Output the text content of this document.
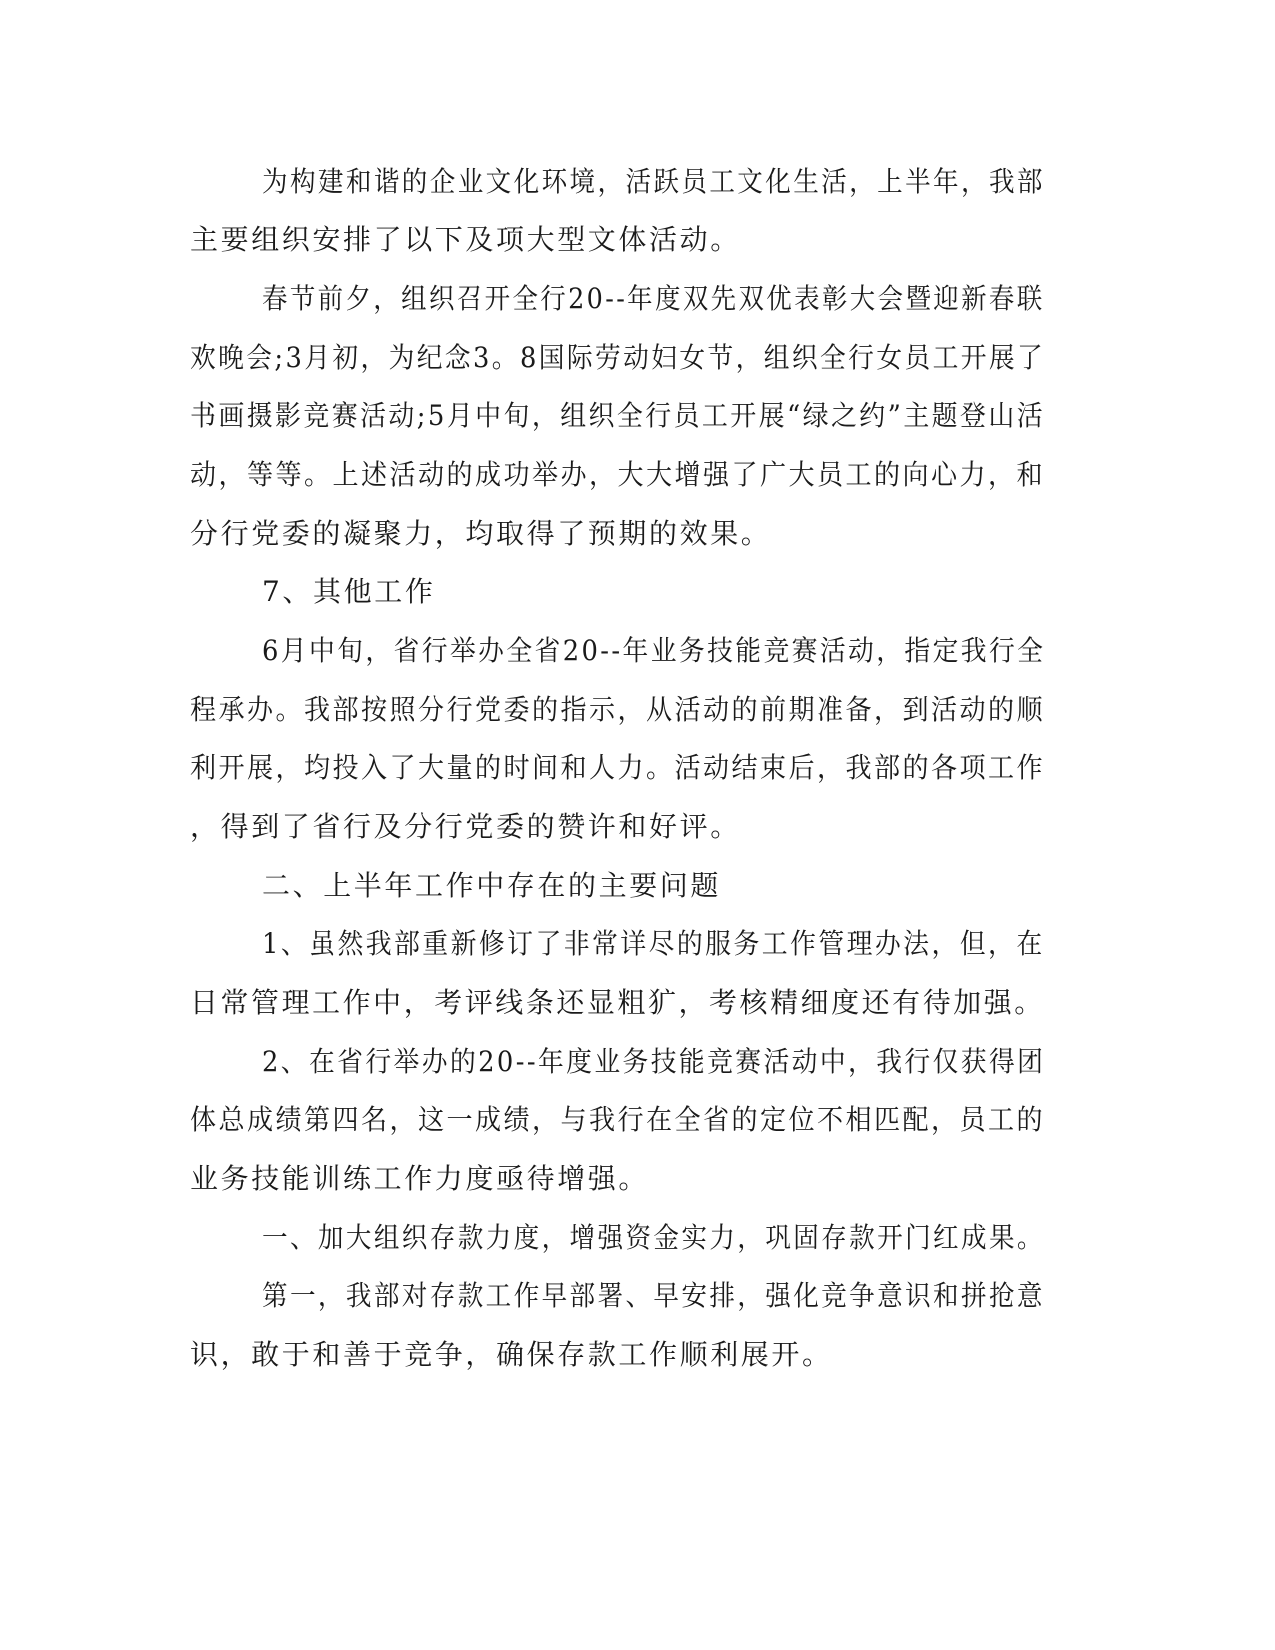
为构建和谐的企业文化环境，活跃员工文化生活，上半年，我部
主要组织安排了以下及项大型文体活动。
春节前夕，组织召开全行20--年度双先双优表彰大会暨迎新春联
欢晚会;3月初，为纪念3。8国际劳动妇女节，组织全行女员工开展了
书画摄影竞赛活动;5月中旬，组织全行员工开展“绿之约”主题登山活
动，等等。上述活动的成功举办，大大增强了广大员工的向心力，和
分行党委的凝聚力，均取得了预期的效果。
7、其他工作
6月中旬，省行举办全省20--年业务技能竞赛活动，指定我行全
程承办。我部按照分行党委的指示，从活动的前期准备，到活动的顺
利开展，均投入了大量的时间和人力。活动结束后，我部的各项工作
，得到了省行及分行党委的赞许和好评。
二、上半年工作中存在的主要问题
1、虽然我部重新修订了非常详尽的服务工作管理办法，但，在
日常管理工作中，考评线条还显粗犷，考核精细度还有待加强。
2、在省行举办的20--年度业务技能竞赛活动中，我行仅获得团
体总成绩第四名，这一成绩，与我行在全省的定位不相匹配，员工的
业务技能训练工作力度亟待增强。
一、加大组织存款力度，增强资金实力，巩固存款开门红成果。
第一，我部对存款工作早部署、早安排，强化竞争意识和拼抢意
识，敢于和善于竞争，确保存款工作顺利展开。
